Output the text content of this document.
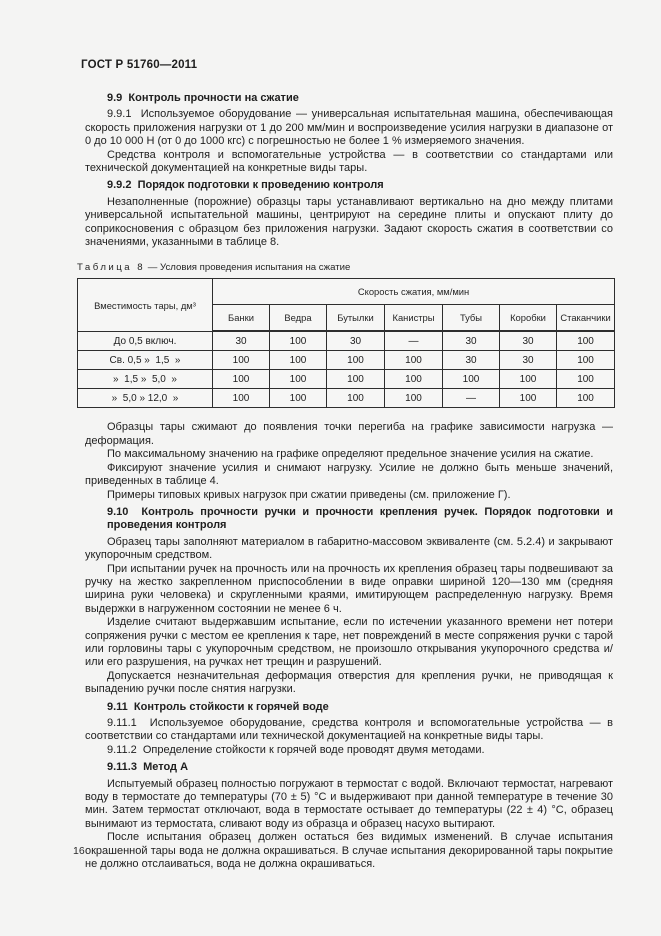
ГОСТ Р 51760—2011
9.9  Контроль прочности на сжатие

9.9.1  Используемое оборудование — универсальная испытательная машина, обеспечивающая скорость приложения нагрузки от 1 до 200 мм/мин и воспроизведение усилия нагрузки в диапазоне от 0 до 10 000 Н (от 0 до 1000 кгс) с погрешностью не более 1 % измеряемого значения.

Средства контроля и вспомогательные устройства — в соответствии со стандартами или технической документацией на конкретные виды тары.

9.9.2  Порядок подготовки к проведению контроля

Незаполненные (порожние) образцы тары устанавливают вертикально на дно между плитами универсальной испытательной машины, центрируют на середине плиты и опускают плиту до соприкосновения с образцом без приложения нагрузки. Задают скорость сжатия в соответствии со значениями, указанными в таблице 8.

Таблица 8 — Условия проведения испытания на сжатие
Вместимость тары, дм³	Скорость сжатия, мм/мин						
	Банки	Ведра	Бутылки	Канистры	Тубы	Коробки	Стаканчики
До 0,5 включ.	30	100	30	—	30	30	100
Св. 0,5 »  1,5  »	100	100	100	100	30	30	100
»  1,5 »  5,0  »	100	100	100	100	100	100	100
»  5,0 » 12,0  »	100	100	100	100	—	100	100

Образцы тары сжимают до появления точки перегиба на графике зависимости нагрузка — деформация.

По максимальному значению на графике определяют предельное значение усилия на сжатие.

Фиксируют значение усилия и снимают нагрузку. Усилие не должно быть меньше значений, приведенных в таблице 4.

Примеры типовых кривых нагрузок при сжатии приведены (см. приложение Г).

9.10  Контроль прочности ручки и прочности крепления ручек. Порядок подготовки и проведения контроля

Образец тары заполняют материалом в габаритно-массовом эквиваленте (см. 5.2.4) и закрывают укупорочным средством.

При испытании ручек на прочность или на прочность их крепления образец тары подвешивают за ручку на жестко закрепленном приспособлении в виде оправки шириной 120—130 мм (средняя ширина руки человека) и скругленными краями, имитирующем распределенную нагрузку. Время выдержки в нагруженном состоянии не менее 6 ч.

Изделие считают выдержавшим испытание, если по истечении указанного времени нет потери сопряжения ручки с местом ее крепления к таре, нет повреждений в месте сопряжения ручки с тарой или горловины тары с укупорочным средством, не произошло открывания укупорочного средства и/или его разрушения, на ручках нет трещин и разрушений.

Допускается незначительная деформация отверстия для крепления ручки, не приводящая к выпадению ручки после снятия нагрузки.

9.11  Контроль стойкости к горячей воде

9.11.1  Используемое оборудование, средства контроля и вспомогательные устройства — в соответствии со стандартами или технической документацией на конкретные виды тары.

9.11.2  Определение стойкости к горячей воде проводят двумя методами.

9.11.3  Метод А

Испытуемый образец полностью погружают в термостат с водой. Включают термостат, нагревают воду в термостате до температуры (70 ± 5) °С и выдерживают при данной температуре в течение 30 мин. Затем термостат отключают, вода в термостате остывает до температуры (22 ± 4) °С, образец вынимают из термостата, сливают воду из образца и образец насухо вытирают.

После испытания образец должен остаться без видимых изменений. В случае испытания окрашенной тары вода не должна окрашиваться. В случае испытания декорированной тары покрытие не должно отслаиваться, вода не должна окрашиваться.

16
